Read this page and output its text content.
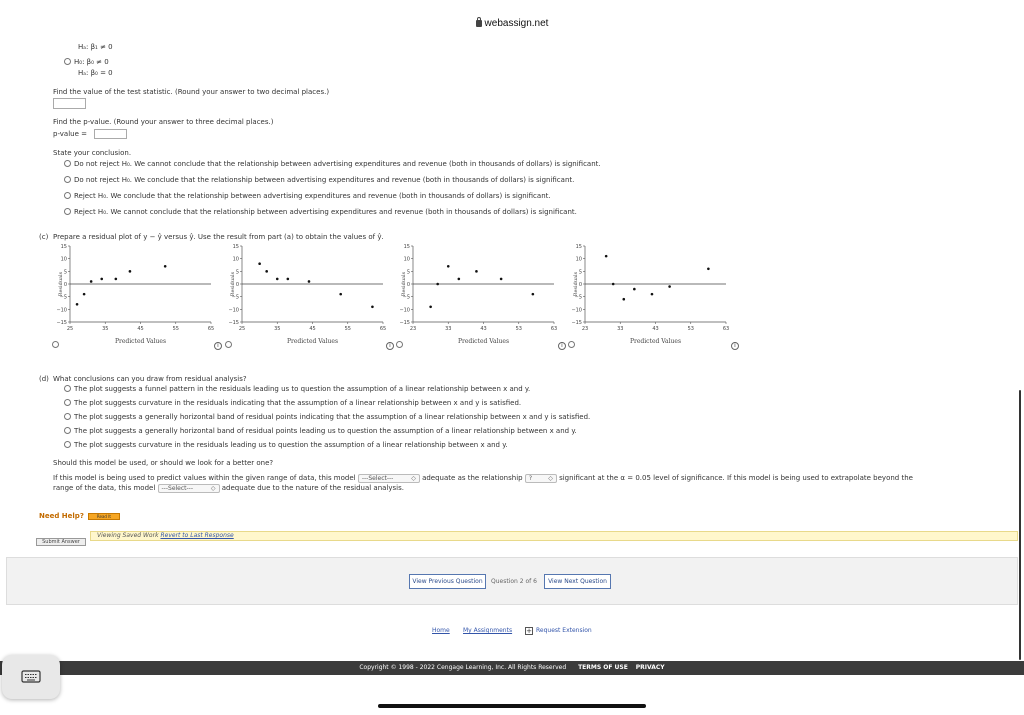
webassign.net
Hₐ: β₁ ≠ 0
H₀: β₀ ≠ 0
Hₐ: β₀ = 0
Find the value of the test statistic. (Round your answer to two decimal places.)
Find the p-value. (Round your answer to three decimal places.)
p-value =
State your conclusion.
Do not reject H₀. We cannot conclude that the relationship between advertising expenditures and revenue (both in thousands of dollars) is significant.
Do not reject H₀. We conclude that the relationship between advertising expenditures and revenue (both in thousands of dollars) is significant.
Reject H₀. We conclude that the relationship between advertising expenditures and revenue (both in thousands of dollars) is significant.
Reject H₀. We cannot conclude that the relationship between advertising expenditures and revenue (both in thousands of dollars) is significant.
(c) Prepare a residual plot of y − ŷ versus ŷ. Use the result from part (a) to obtain the values of ŷ.
15
10
5
0
−5
−10
−15
25	35	45	55	65
Residuals
Predicted Values
15
10
5
0
−5
−10
−15
25	35	45	55	65
Residuals
Predicted Values
15
10
5
0
−5
−10
−15
23	33	43	53	63
Residuals
Predicted Values
15
10
5
0
−5
−10
−15
23	33	43	53	63
Residuals
Predicted Values
i	i	i	i
(d) What conclusions can you draw from residual analysis?
The plot suggests a funnel pattern in the residuals leading us to question the assumption of a linear relationship between x and y.
The plot suggests curvature in the residuals indicating that the assumption of a linear relationship between x and y is satisfied.
The plot suggests a generally horizontal band of residual points indicating that the assumption of a linear relationship between x and y is satisfied.
The plot suggests a generally horizontal band of residual points leading us to question the assumption of a linear relationship between x and y.
The plot suggests curvature in the residuals leading us to question the assumption of a linear relationship between x and y.
Should this model be used, or should we look for a better one?
If this model is being used to predict values within the given range of data, this model ---Select---	◇ adequate as the relationship ?	◇ significant at the α = 0.05 level of significance. If this model is being used to extrapolate beyond the
range of the data, this model ---Select---	◇ adequate due to the nature of the residual analysis.
Need Help?	Read It
Viewing Saved Work Revert to Last Response
Submit Answer
View Previous Question	Question 2 of 6	View Next Question
Home My Assignments + Request Extension
Copyright © 1998 - 2022 Cengage Learning, Inc. All Rights Reserved TERMS OF USE PRIVACY
